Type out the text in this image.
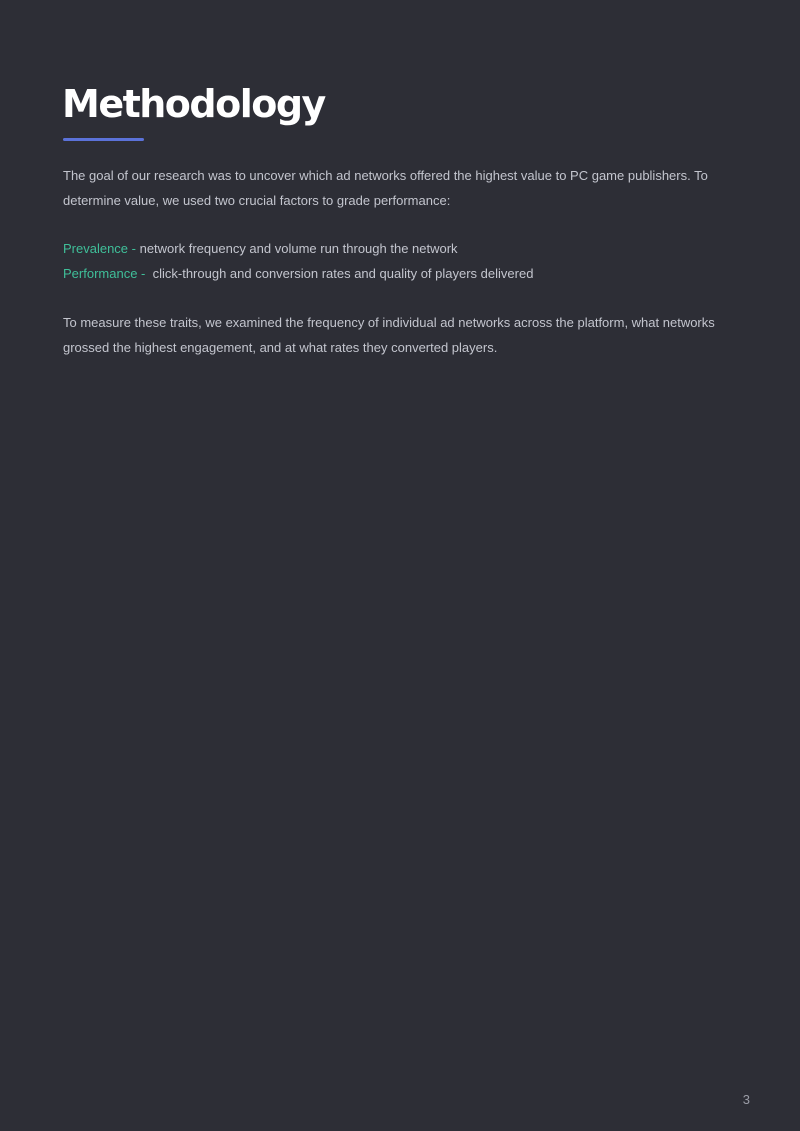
Methodology

The goal of our research was to uncover which ad networks offered the highest value to PC game publishers. To determine value, we used two crucial factors to grade performance:

Prevalence - network frequency and volume run through the network
Performance -  click-through and conversion rates and quality of players delivered

To measure these traits, we examined the frequency of individual ad networks across the platform, what networks grossed the highest engagement, and at what rates they converted players.

3
